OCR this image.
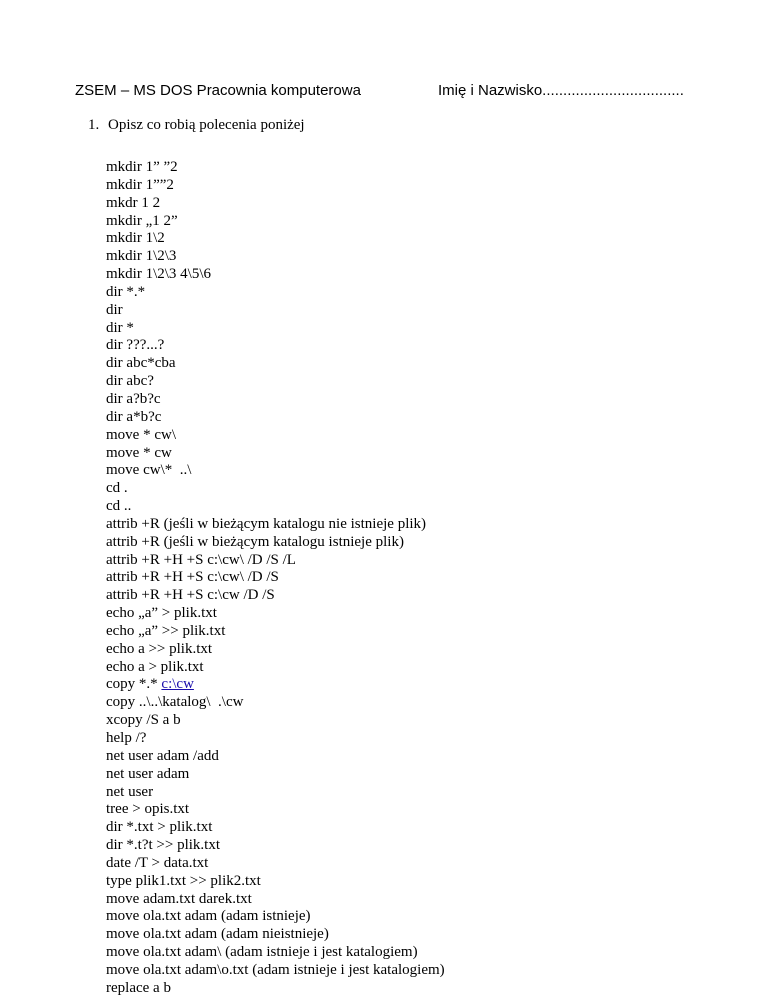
ZSEM – MS DOS Pracownia komputerowa	Imię i Nazwisko..................................
1. Opisz co robią polecenia poniżej
mkdir 1” ”2
mkdir 1””2
mkdr 1 2
mkdir „1 2”
mkdir 1\2
mkdir 1\2\3
mkdir 1\2\3 4\5\6
dir *.*
dir
dir *
dir ???...?
dir abc*cba
dir abc?
dir a?b?c
dir a*b?c
move * cw\
move * cw
move cw\*  ..\
cd .
cd ..
attrib +R (jeśli w bieżącym katalogu nie istnieje plik)
attrib +R (jeśli w bieżącym katalogu istnieje plik)
attrib +R +H +S c:\cw\ /D /S /L
attrib +R +H +S c:\cw\ /D /S
attrib +R +H +S c:\cw /D /S
echo „a” > plik.txt
echo „a” >> plik.txt
echo a >> plik.txt
echo a > plik.txt
copy *.* c:\cw
copy ..\..\katalog\  .\cw
xcopy /S a b
help /?
net user adam /add
net user adam
net user
tree > opis.txt
dir *.txt > plik.txt
dir *.t?t >> plik.txt
date /T > data.txt
type plik1.txt >> plik2.txt
move adam.txt darek.txt
move ola.txt adam (adam istnieje)
move ola.txt adam (adam nieistnieje)
move ola.txt adam\ (adam istnieje i jest katalogiem)
move ola.txt adam\o.txt (adam istnieje i jest katalogiem)
replace a b
